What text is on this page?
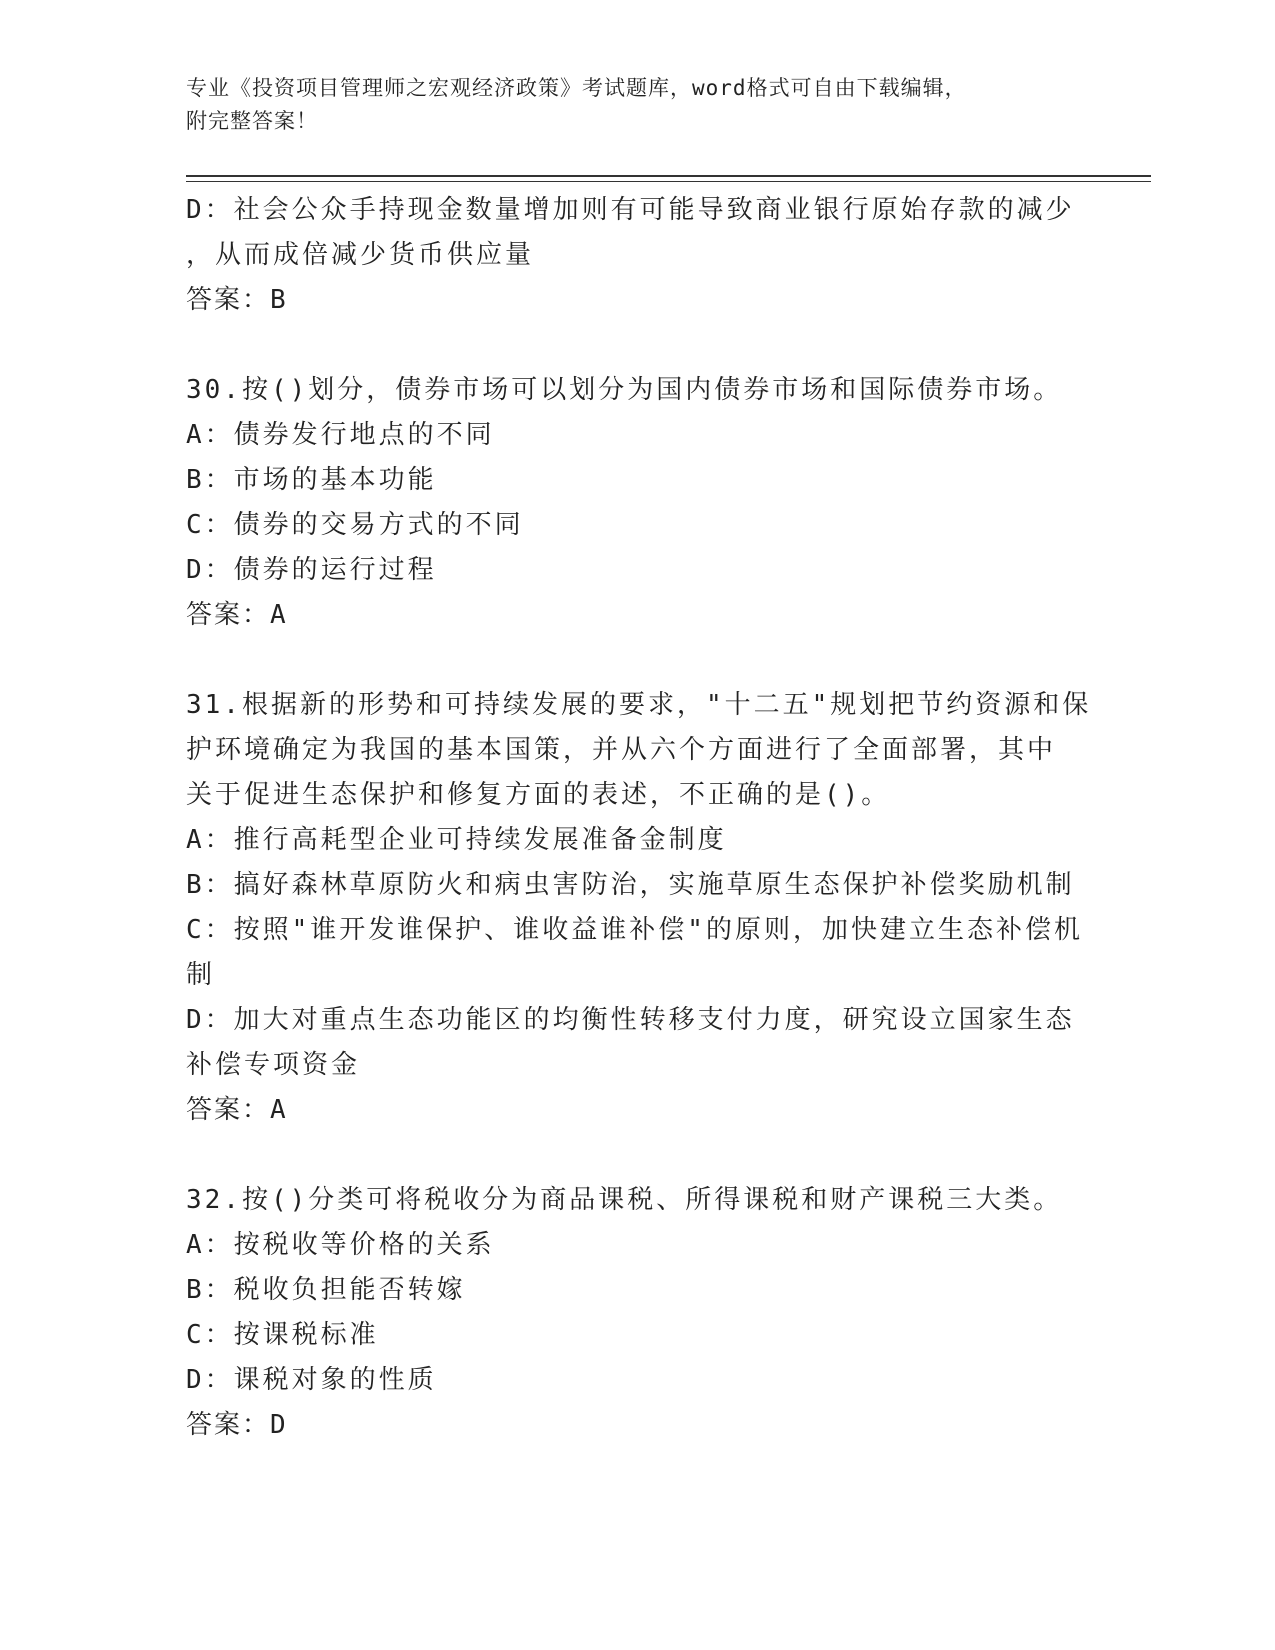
专业《投资项目管理师之宏观经济政策》考试题库，word格式可自由下载编辑，
附完整答案！
D：社会公众手持现金数量增加则有可能导致商业银行原始存款的减少
，从而成倍减少货币供应量
答案：B
30.按()划分，债券市场可以划分为国内债券市场和国际债券市场。
A：债券发行地点的不同
B：市场的基本功能
C：债券的交易方式的不同
D：债券的运行过程
答案：A
31.根据新的形势和可持续发展的要求，"十二五"规划把节约资源和保
护环境确定为我国的基本国策，并从六个方面进行了全面部署，其中
关于促进生态保护和修复方面的表述，不正确的是()。
A：推行高耗型企业可持续发展准备金制度
B：搞好森林草原防火和病虫害防治，实施草原生态保护补偿奖励机制
C：按照"谁开发谁保护、谁收益谁补偿"的原则，加快建立生态补偿机
制
D：加大对重点生态功能区的均衡性转移支付力度，研究设立国家生态
补偿专项资金
答案：A
32.按()分类可将税收分为商品课税、所得课税和财产课税三大类。
A：按税收等价格的关系
B：税收负担能否转嫁
C：按课税标准
D：课税对象的性质
答案：D
